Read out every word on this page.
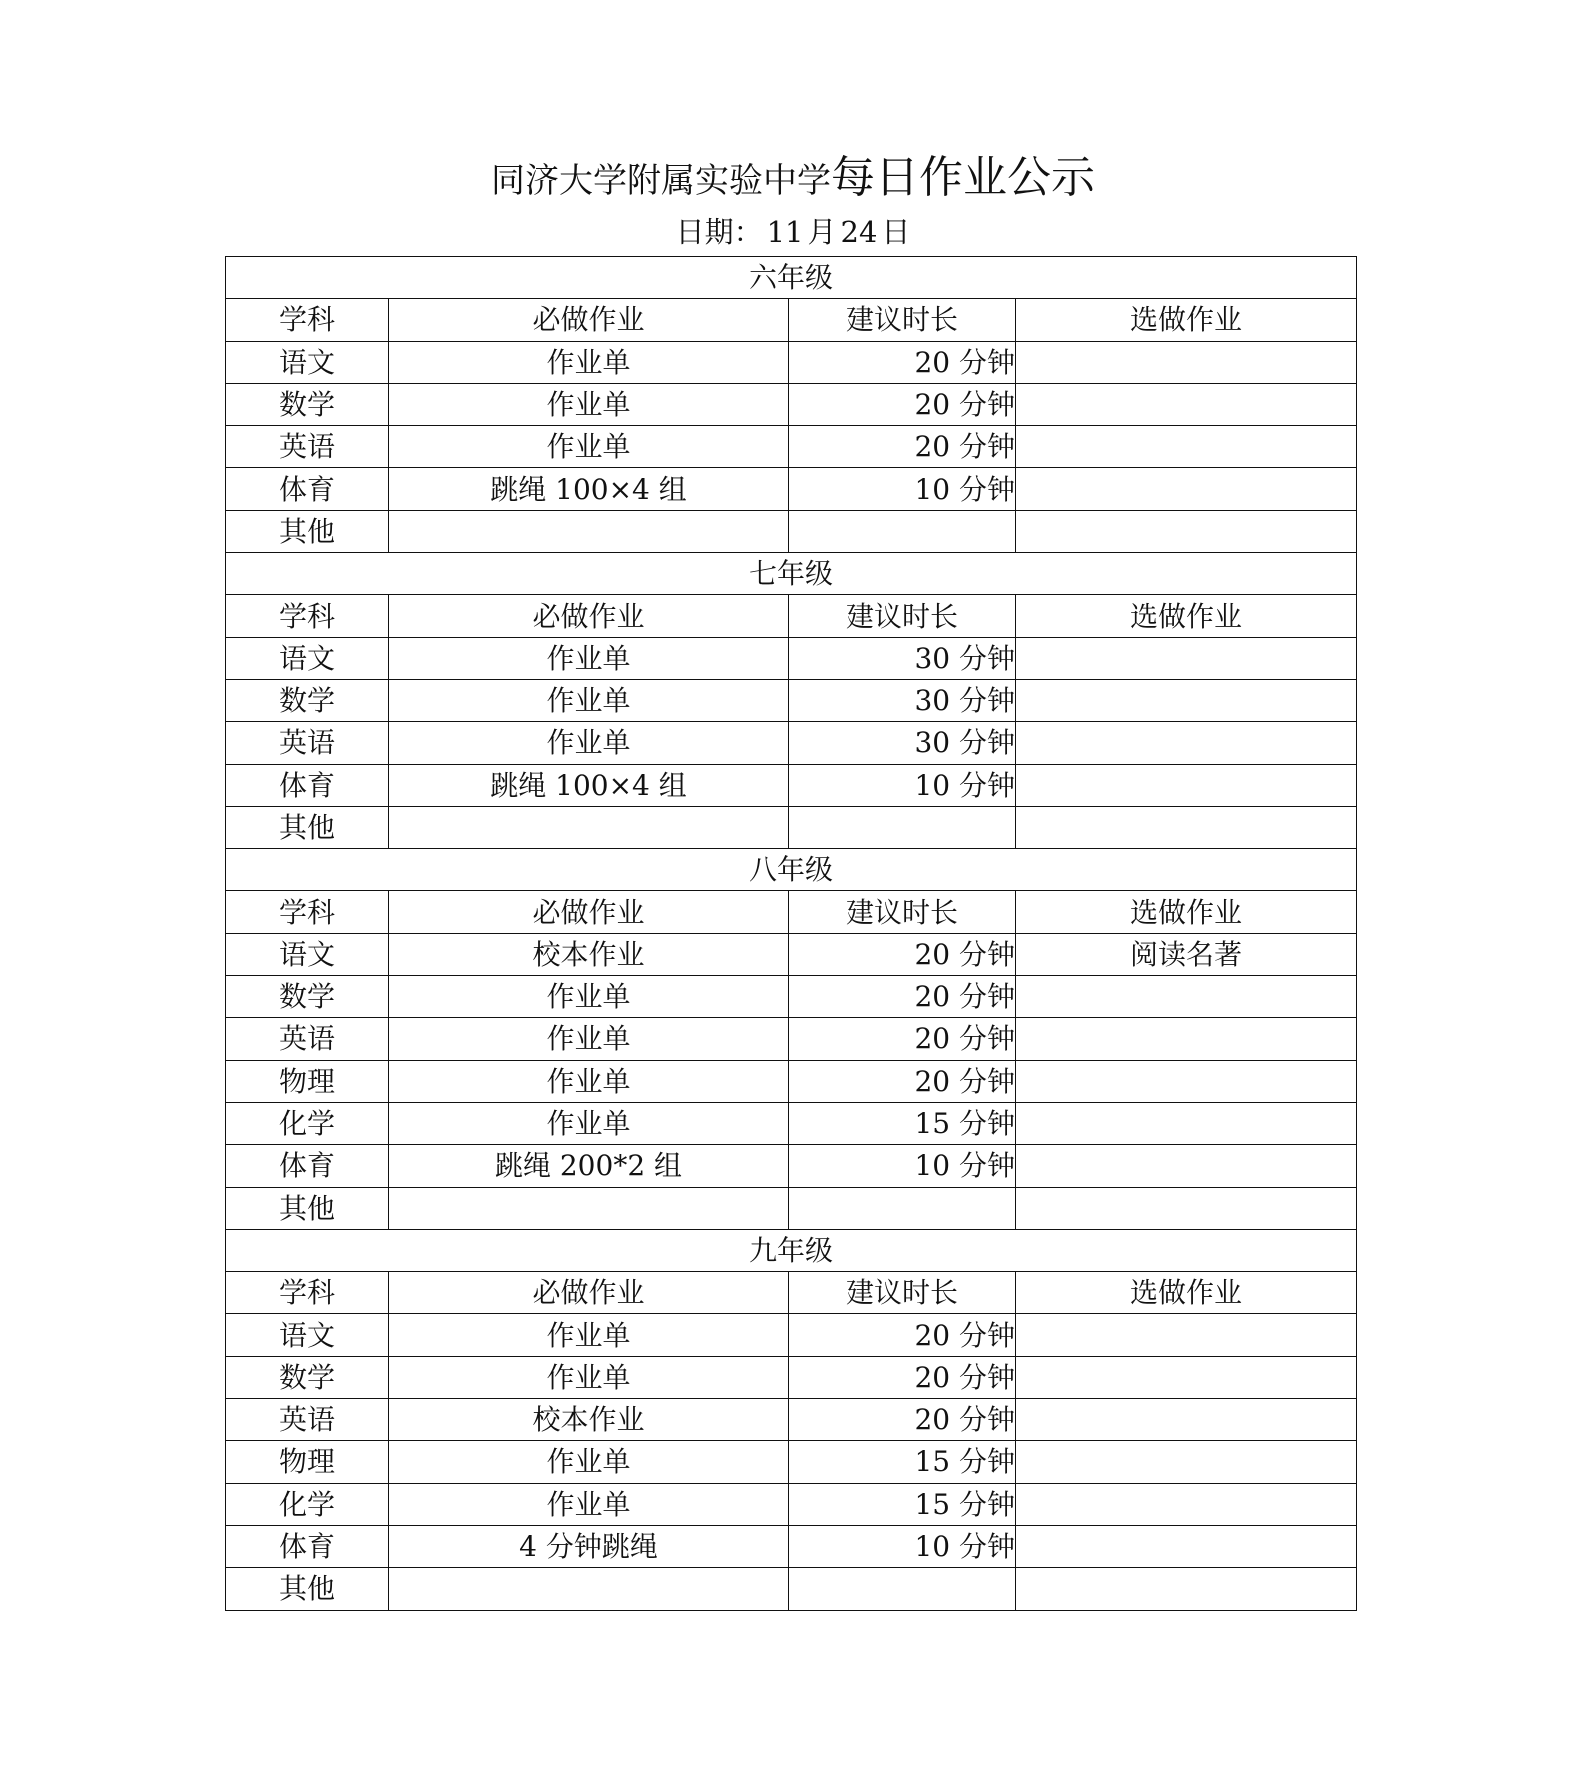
同济大学附属实验中学每日作业公示
日期： 11 月 24 日
六年级			
学科	必做作业	建议时长	选做作业
语文	作业单	20 分钟	
数学	作业单	20 分钟	
英语	作业单	20 分钟	
体育	跳绳 100×4 组	10 分钟	
其他			
七年级			
学科	必做作业	建议时长	选做作业
语文	作业单	30 分钟	
数学	作业单	30 分钟	
英语	作业单	30 分钟	
体育	跳绳 100×4 组	10 分钟	
其他			
八年级			
学科	必做作业	建议时长	选做作业
语文	校本作业	20 分钟	阅读名著
数学	作业单	20 分钟	
英语	作业单	20 分钟	
物理	作业单	20 分钟	
化学	作业单	15 分钟	
体育	跳绳 200*2 组	10 分钟	
其他			
九年级			
学科	必做作业	建议时长	选做作业
语文	作业单	20 分钟	
数学	作业单	20 分钟	
英语	校本作业	20 分钟	
物理	作业单	15 分钟	
化学	作业单	15 分钟	
体育	4 分钟跳绳	10 分钟	
其他			
